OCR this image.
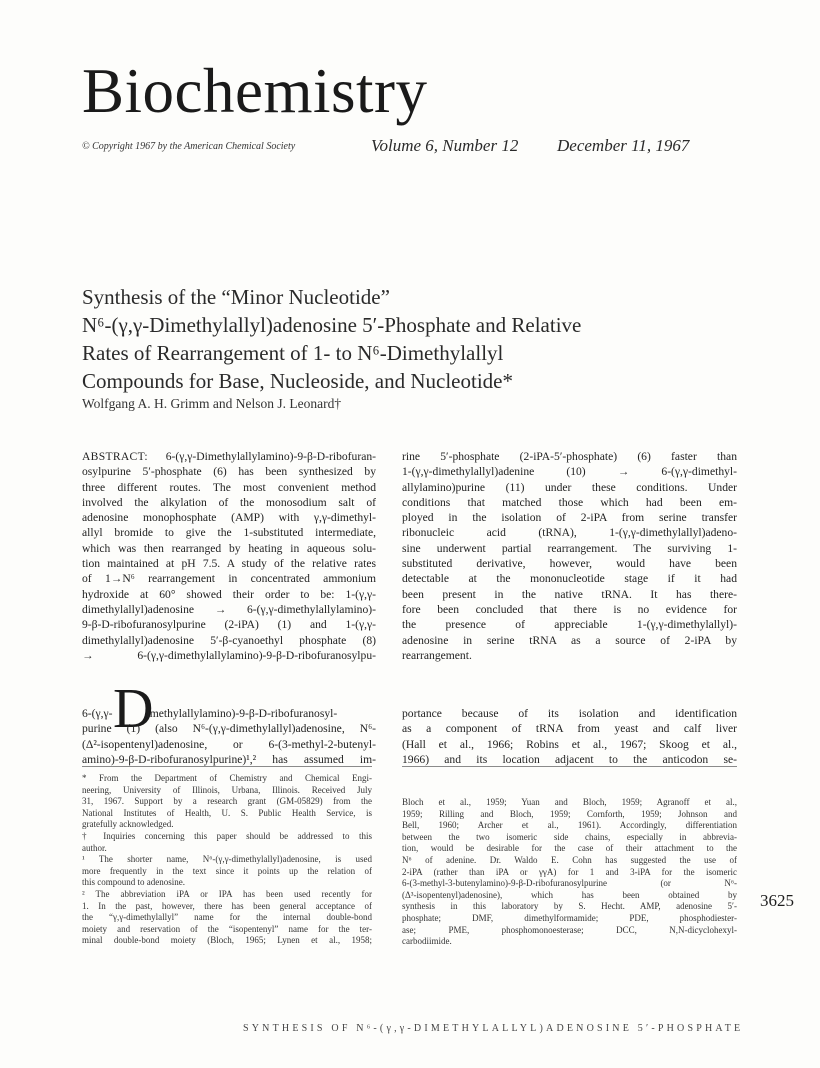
Biochemistry
© Copyright 1967 by the American Chemical Society	Volume 6, Number 12 December 11, 1967
Synthesis of the “Minor Nucleotide”
N⁶-(γ,γ-Dimethylallyl)adenosine 5′-Phosphate and Relative
Rates of Rearrangement of 1- to N⁶-Dimethylallyl
Compounds for Base, Nucleoside, and Nucleotide*
Wolfgang A. H. Grimm and Nelson J. Leonard†
ABSTRACT: 6-(γ,γ-Dimethylallylamino)-9-β-D-ribofuran-
osylpurine 5′-phosphate (6) has been synthesized by
three different routes. The most convenient method
involved the alkylation of the monosodium salt of
adenosine monophosphate (AMP) with γ,γ-dimethyl-
allyl bromide to give the 1-substituted intermediate,
which was then rearranged by heating in aqueous solu-
tion maintained at pH 7.5. A study of the relative rates
of 1→N⁶ rearrangement in concentrated ammonium
hydroxide at 60° showed their order to be: 1-(γ,γ-
dimethylallyl)adenosine → 6-(γ,γ-dimethylallylamino)-
9-β-D-ribofuranosylpurine (2-iPA) (1) and 1-(γ,γ-
dimethylallyl)adenosine 5′-β-cyanoethyl phosphate (8)
→ 6-(γ,γ-dimethylallylamino)-9-β-D-ribofuranosylpu-
rine 5′-phosphate (2-iPA-5′-phosphate) (6) faster than
1-(γ,γ-dimethylallyl)adenine (10) → 6-(γ,γ-dimethyl-
allylamino)purine (11) under these conditions. Under
conditions that matched those which had been em-
ployed in the isolation of 2-iPA from serine transfer
ribonucleic acid (tRNA), 1-(γ,γ-dimethylallyl)adeno-
sine underwent partial rearrangement. The surviving 1-
substituted derivative, however, would have been
detectable at the mononucleotide stage if it had
been present in the native tRNA. It has there-
fore been concluded that there is no evidence for
the presence of appreciable 1-(γ,γ-dimethylallyl)-
adenosine in serine tRNA as a source of 2-iPA by
rearrangement.
D
6-(γ,γ-	imethylallylamino)-9-β-D-ribofuranosyl-
purine (1) (also N⁶-(γ,γ-dimethylallyl)adenosine, N⁶-
(Δ²-isopentenyl)adenosine, or 6-(3-methyl-2-butenyl-
amino)-9-β-D-ribofuranosylpurine)¹,² has assumed im-
portance because of its isolation and identification
as a component of tRNA from yeast and calf liver
(Hall et al., 1966; Robins et al., 1967; Skoog et al.,
1966) and its location adjacent to the anticodon se-
* From the Department of Chemistry and Chemical Engi-
neering, University of Illinois, Urbana, Illinois. Received July
31, 1967. Support by a research grant (GM-05829) from the
National Institutes of Health, U. S. Public Health Service, is
gratefully acknowledged.
† Inquiries concerning this paper should be addressed to this
author.
¹ The shorter name, N⁶-(γ,γ-dimethylallyl)adenosine, is used
more frequently in the text since it points up the relation of
this compound to adenosine.
² The abbreviation iPA or IPA has been used recently for
1. In the past, however, there has been general acceptance of
the “γ,γ-dimethylallyl” name for the internal double-bond
moiety and reservation of the “isopentenyl” name for the ter-
minal double-bond moiety (Bloch, 1965; Lynen et al., 1958;
Bloch et al., 1959; Yuan and Bloch, 1959; Agranoff et al.,
1959; Rilling and Bloch, 1959; Cornforth, 1959; Johnson and
Bell, 1960; Archer et al., 1961). Accordingly, differentiation
between the two isomeric side chains, especially in abbrevia-
tion, would be desirable for the case of their attachment to the
N⁶ of adenine. Dr. Waldo E. Cohn has suggested the use of
2-iPA (rather than iPA or γγA) for 1 and 3-iPA for the isomeric
6-(3-methyl-3-butenylamino)-9-β-D-ribofuranosylpurine (or N⁶-
(Δ³-isopentenyl)adenosine), which has been obtained by
synthesis in this laboratory by S. Hecht. AMP, adenosine 5′-
phosphate; DMF, dimethylformamide; PDE, phosphodiester-
ase; PME, phosphomonoesterase; DCC, N,N-dicyclohexyl-
carbodiimide.
3625
SYNTHESIS OF N⁶-(γ,γ-DIMETHYLALLYL)ADENOSINE 5′-PHOSPHATE
